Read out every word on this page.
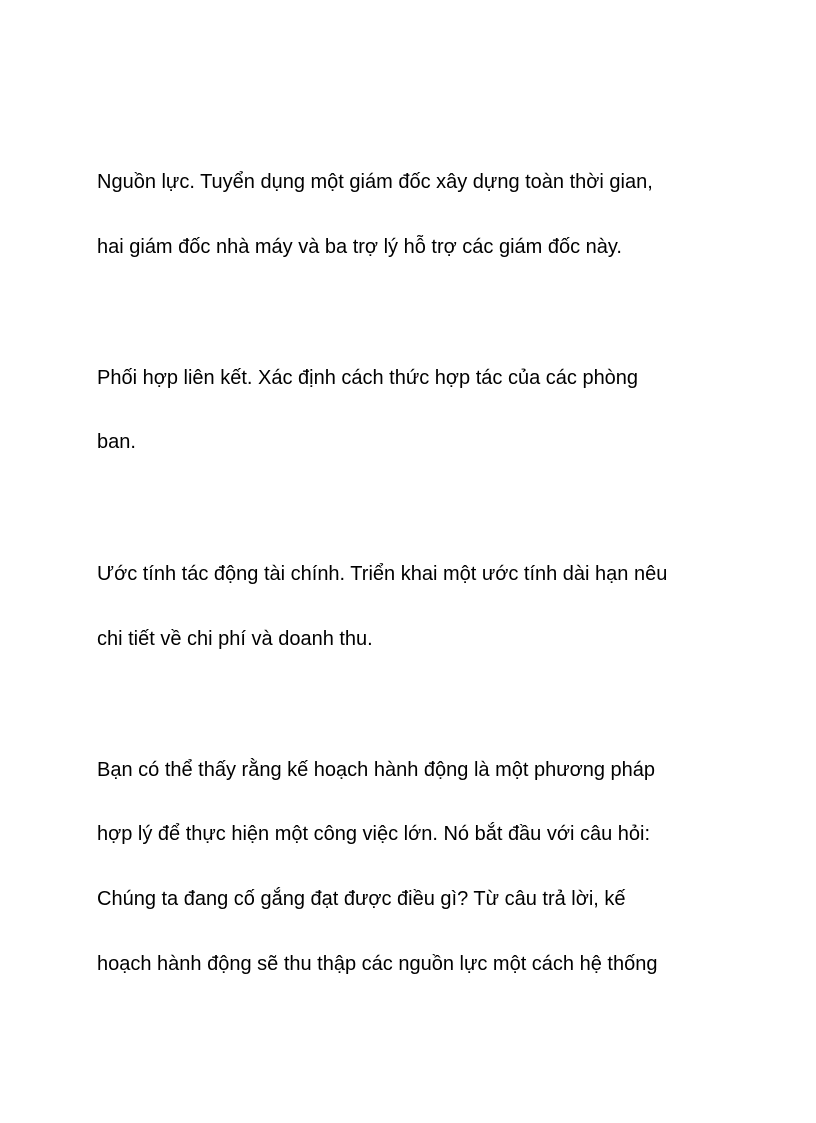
Nguồn lực. Tuyển dụng một giám đốc xây dựng toàn thời gian,

hai giám đốc nhà máy và ba trợ lý hỗ trợ các giám đốc này.

Phối hợp liên kết. Xác định cách thức hợp tác của các phòng

ban.

Ước tính tác động tài chính. Triển khai một ước tính dài hạn nêu

chi tiết về chi phí và doanh thu.

Bạn có thể thấy rằng kế hoạch hành động là một phương pháp

hợp lý để thực hiện một công việc lớn. Nó bắt đầu với câu hỏi:

Chúng ta đang cố gắng đạt được điều gì? Từ câu trả lời, kế

hoạch hành động sẽ thu thập các nguồn lực một cách hệ thống
